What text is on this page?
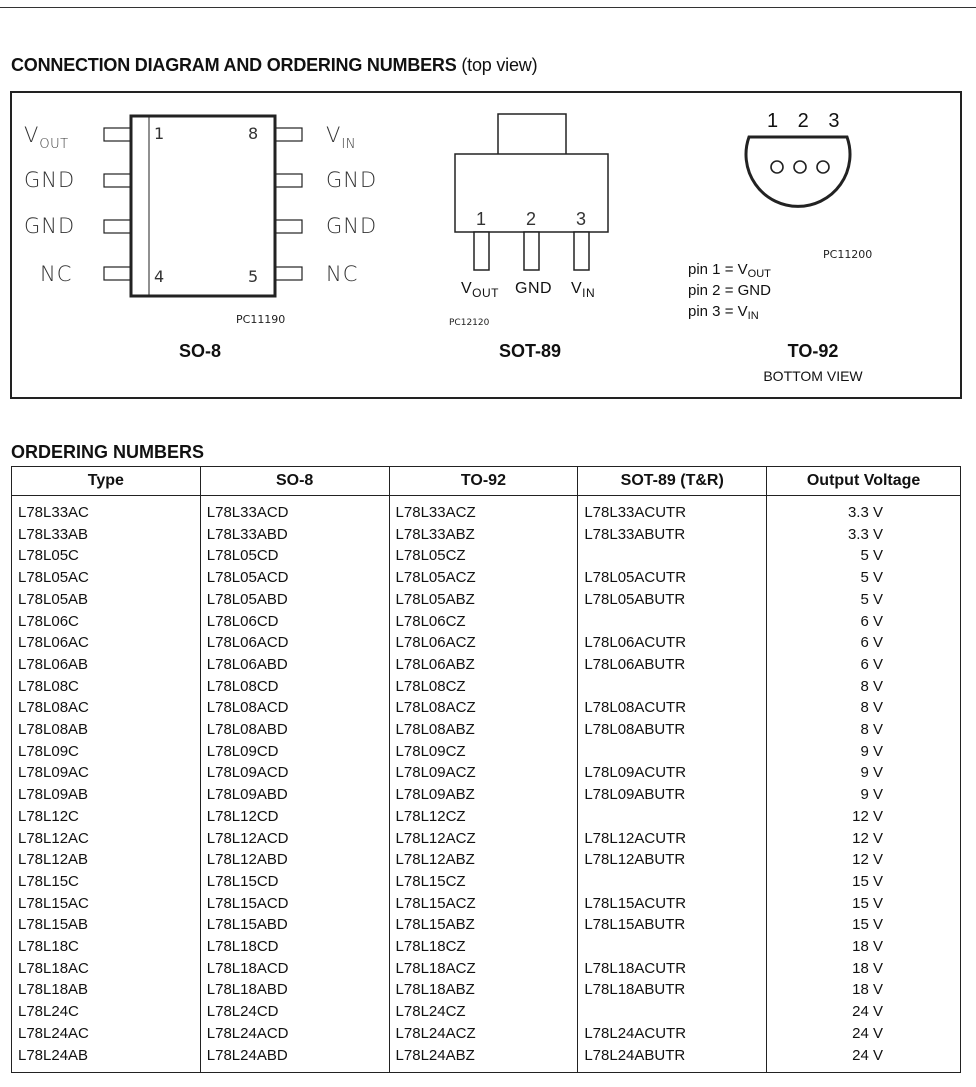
CONNECTION DIAGRAM AND ORDERING NUMBERS (top view)
$V_{OUT}$
GND
GND
NC
$V_{IN}$
GND
GND
NC
1	8
4	5
PC11190
SO-8
1 2 3
$V_{OUT}$ GND $V_{IN}$
PC12120
SOT-89
1 2 3
PC11200
pin $1 = V_{OUT}$
pin 2 = GND
pin $3 = V_{IN}$
TO-92
BOTTOM VIEW
ORDERING NUMBERS
Type	SO-8	TO-92	SOT-89 (T&R)	Output Voltage
L78L33AC	L78L33ACD	L78L33ACZ	L78L33ACUTR	3.3 V
L78L33AB	L78L33ABD	L78L33ABZ	L78L33ABUTR	3.3 V
L78L05C	L78L05CD	L78L05CZ		5 V
L78L05AC	L78L05ACD	L78L05ACZ	L78L05ACUTR	5 V
L78L05AB	L78L05ABD	L78L05ABZ	L78L05ABUTR	5 V
L78L06C	L78L06CD	L78L06CZ		6 V
L78L06AC	L78L06ACD	L78L06ACZ	L78L06ACUTR	6 V
L78L06AB	L78L06ABD	L78L06ABZ	L78L06ABUTR	6 V
L78L08C	L78L08CD	L78L08CZ		8 V
L78L08AC	L78L08ACD	L78L08ACZ	L78L08ACUTR	8 V
L78L08AB	L78L08ABD	L78L08ABZ	L78L08ABUTR	8 V
L78L09C	L78L09CD	L78L09CZ		9 V
L78L09AC	L78L09ACD	L78L09ACZ	L78L09ACUTR	9 V
L78L09AB	L78L09ABD	L78L09ABZ	L78L09ABUTR	9 V
L78L12C	L78L12CD	L78L12CZ		12 V
L78L12AC	L78L12ACD	L78L12ACZ	L78L12ACUTR	12 V
L78L12AB	L78L12ABD	L78L12ABZ	L78L12ABUTR	12 V
L78L15C	L78L15CD	L78L15CZ		15 V
L78L15AC	L78L15ACD	L78L15ACZ	L78L15ACUTR	15 V
L78L15AB	L78L15ABD	L78L15ABZ	L78L15ABUTR	15 V
L78L18C	L78L18CD	L78L18CZ		18 V
L78L18AC	L78L18ACD	L78L18ACZ	L78L18ACUTR	18 V
L78L18AB	L78L18ABD	L78L18ABZ	L78L18ABUTR	18 V
L78L24C	L78L24CD	L78L24CZ		24 V
L78L24AC	L78L24ACD	L78L24ACZ	L78L24ACUTR	24 V
L78L24AB	L78L24ABD	L78L24ABZ	L78L24ABUTR	24 V
